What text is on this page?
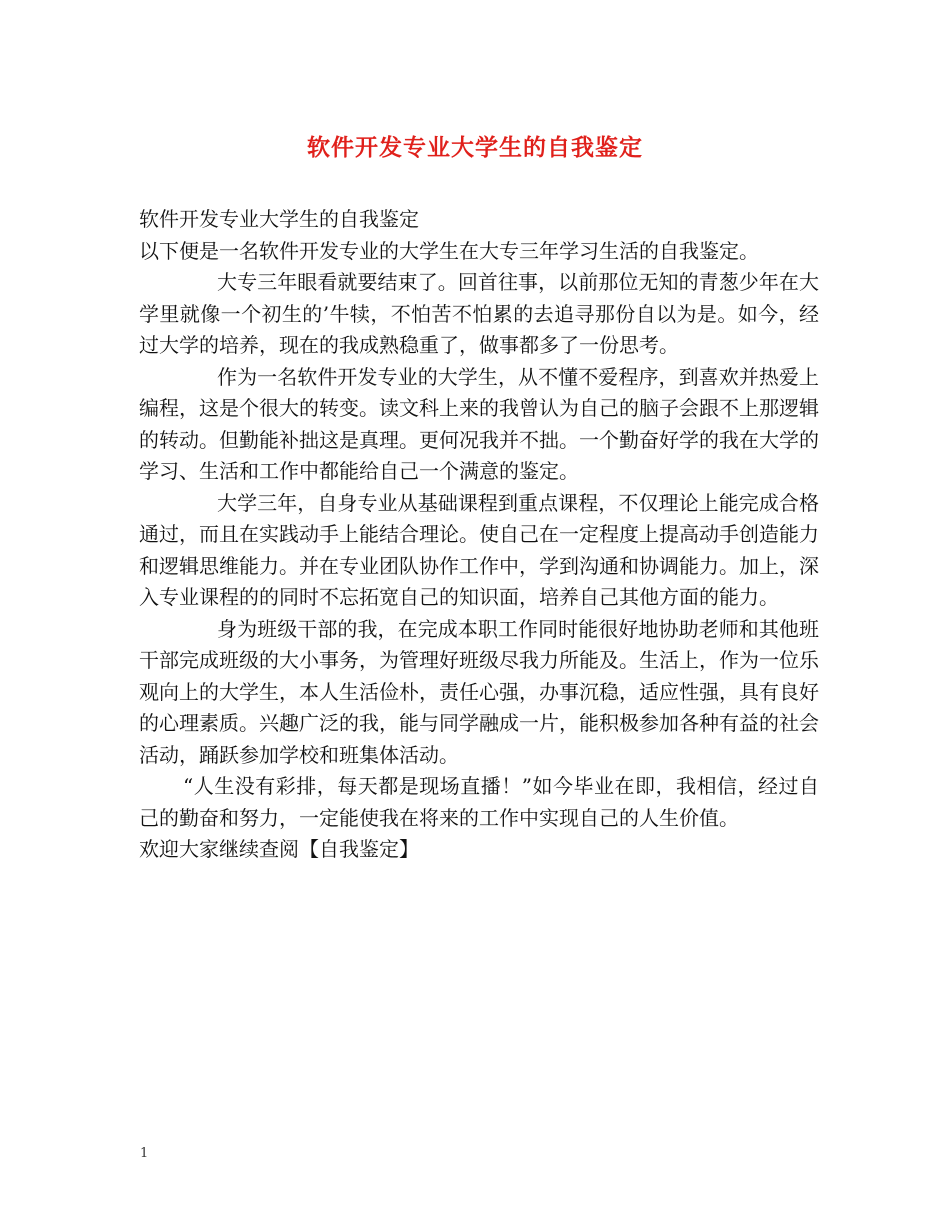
软件开发专业大学生的自我鉴定
软件开发专业大学生的自我鉴定
以下便是一名软件开发专业的大学生在大专三年学习生活的自我鉴定。

大专三年眼看就要结束了。回首往事，以前那位无知的青葱少年在大学里就像一个初生的’牛犊，不怕苦不怕累的去追寻那份自以为是。如今，经过大学的培养，现在的我成熟稳重了，做事都多了一份思考。

作为一名软件开发专业的大学生，从不懂不爱程序，到喜欢并热爱上编程，这是个很大的转变。读文科上来的我曾认为自己的脑子会跟不上那逻辑的转动。但勤能补拙这是真理。更何况我并不拙。一个勤奋好学的我在大学的学习、生活和工作中都能给自己一个满意的鉴定。

大学三年，自身专业从基础课程到重点课程，不仅理论上能完成合格通过，而且在实践动手上能结合理论。使自己在一定程度上提高动手创造能力和逻辑思维能力。并在专业团队协作工作中，学到沟通和协调能力。加上，深入专业课程的的同时不忘拓宽自己的知识面，培养自己其他方面的能力。

身为班级干部的我，在完成本职工作同时能很好地协助老师和其他班干部完成班级的大小事务，为管理好班级尽我力所能及。生活上，作为一位乐观向上的大学生，本人生活俭朴，责任心强，办事沉稳，适应性强，具有良好的心理素质。兴趣广泛的我，能与同学融成一片，能积极参加各种有益的社会活动，踊跃参加学校和班集体活动。

“人生没有彩排，每天都是现场直播！”如今毕业在即，我相信，经过自己的勤奋和努力，一定能使我在将来的工作中实现自己的人生价值。

欢迎大家继续查阅【自我鉴定】
1
